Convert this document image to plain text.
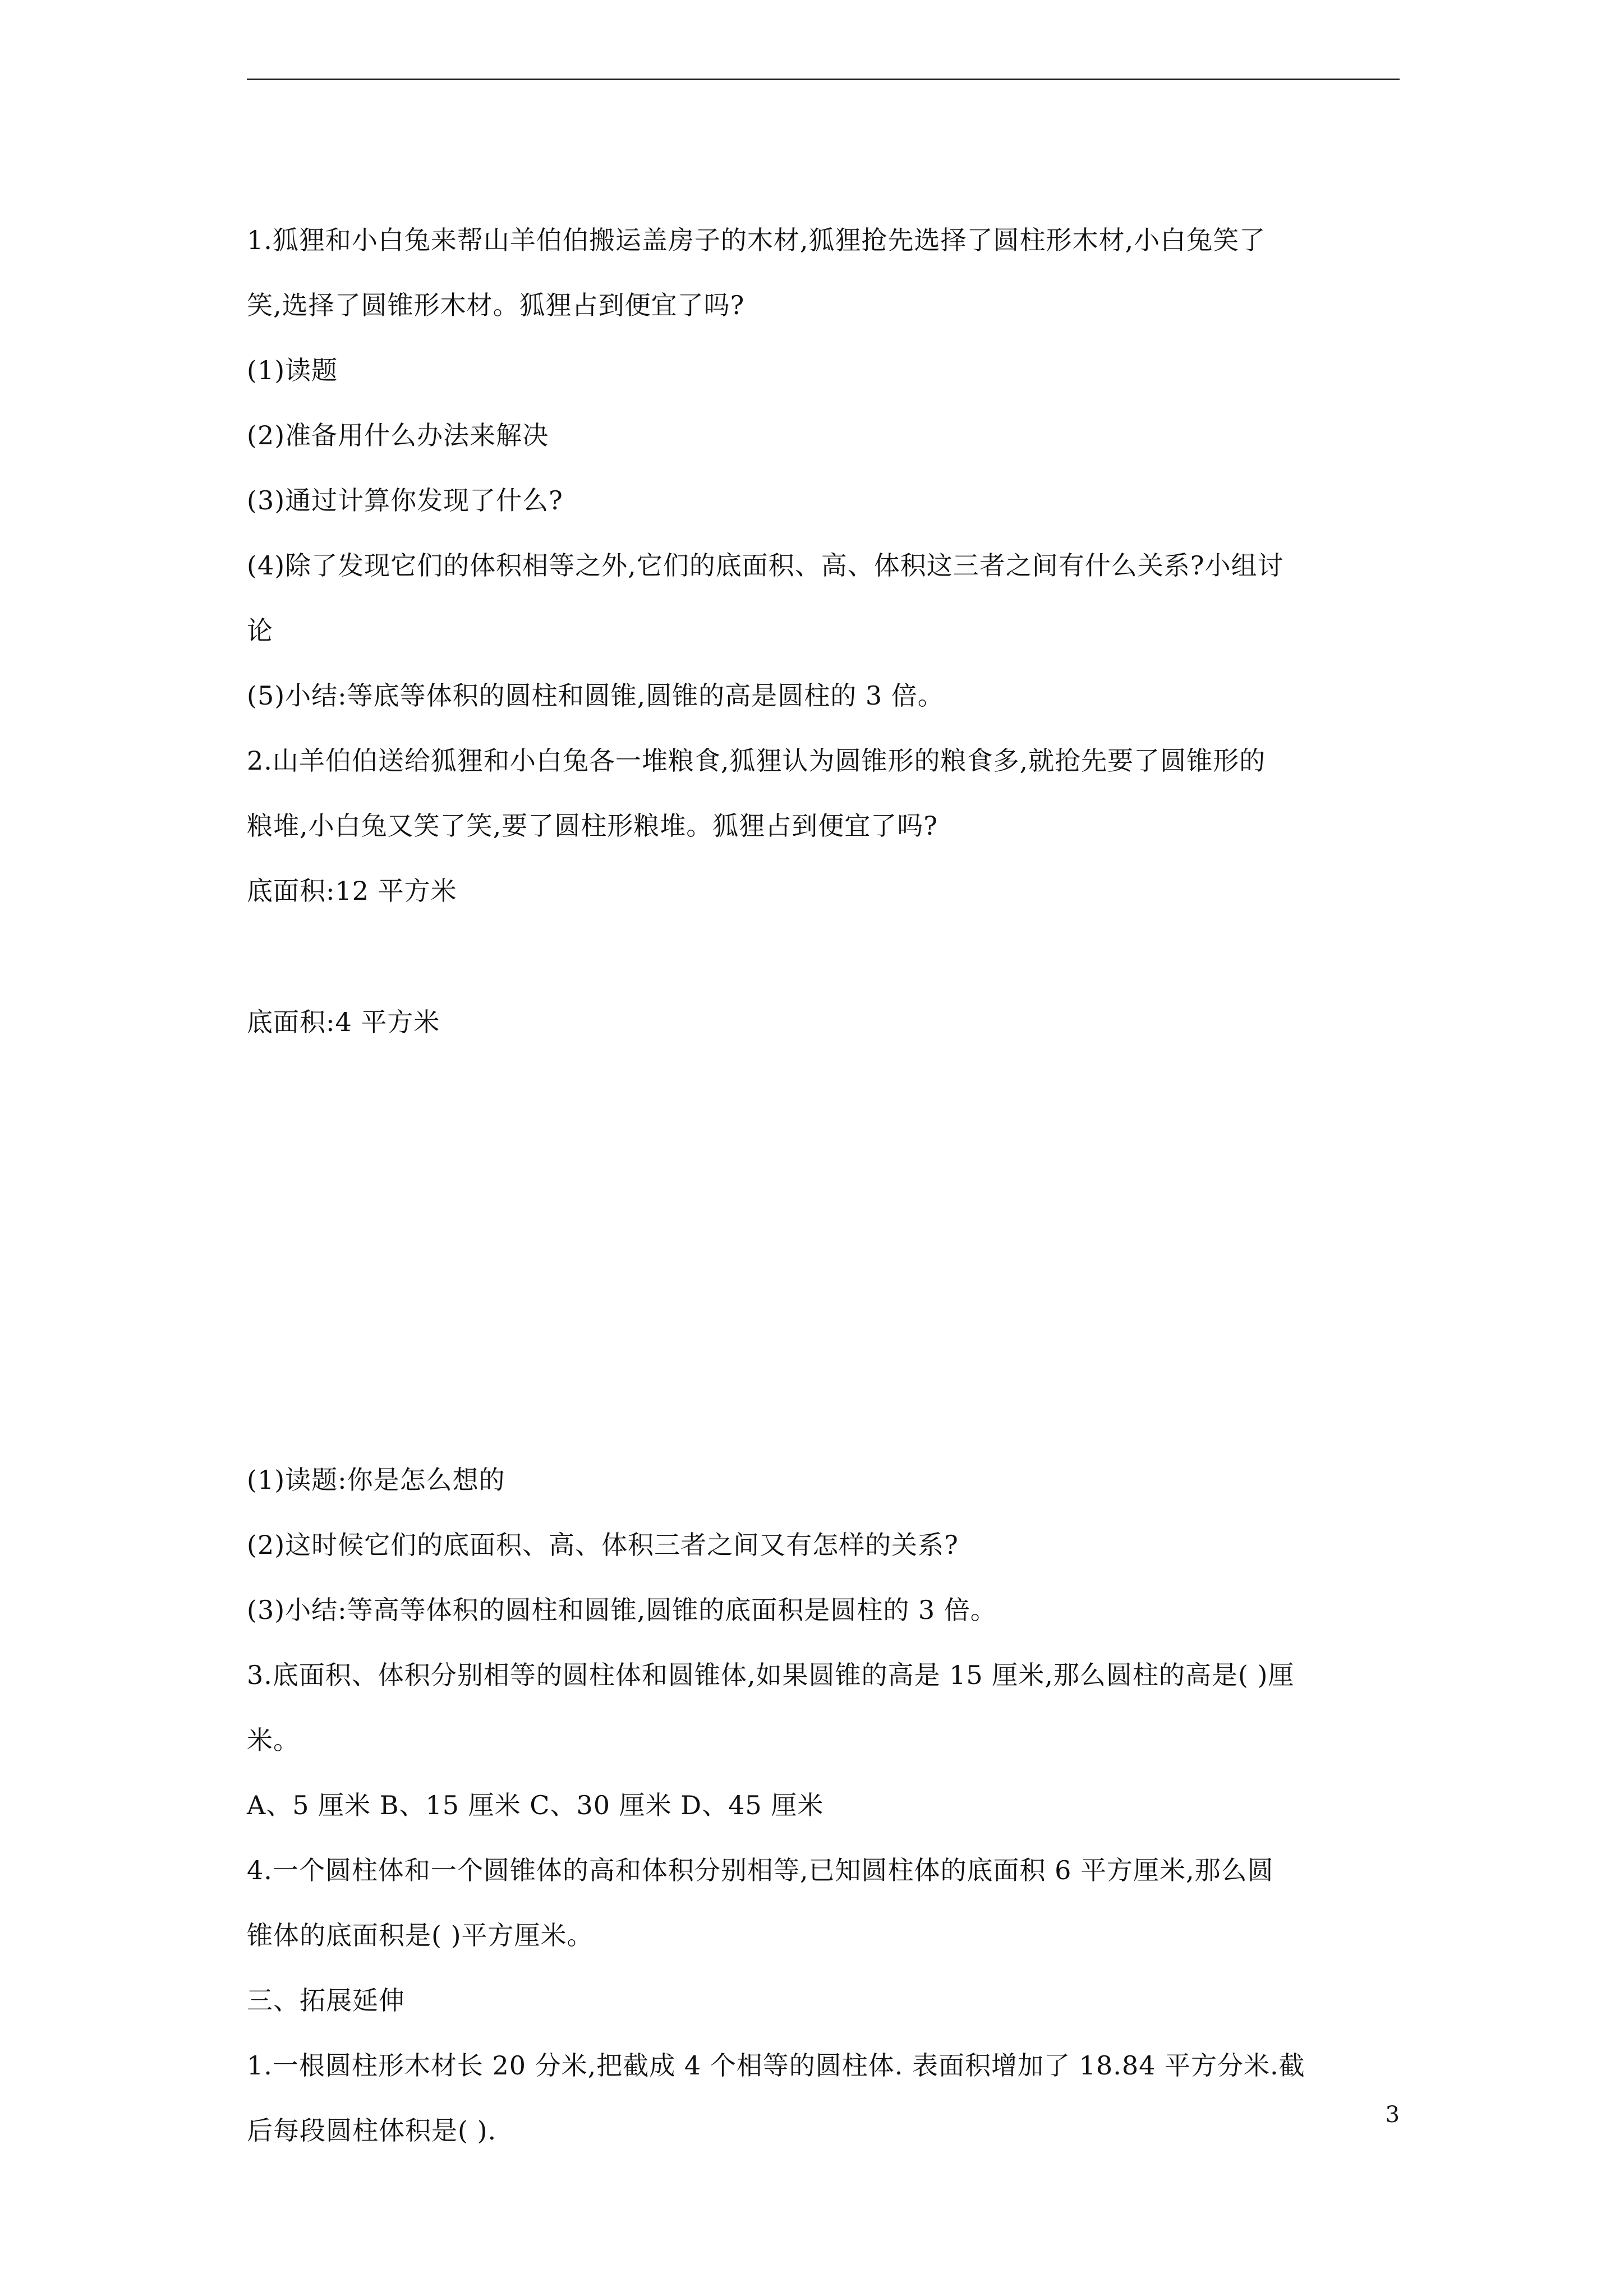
1.狐狸和小白兔来帮山羊伯伯搬运盖房子的木材,狐狸抢先选择了圆柱形木材,小白兔笑了
笑,选择了圆锥形木材。狐狸占到便宜了吗?
(1)读题
(2)准备用什么办法来解决
(3)通过计算你发现了什么?
(4)除了发现它们的体积相等之外,它们的底面积、高、体积这三者之间有什么关系?小组讨
论
(5)小结:等底等体积的圆柱和圆锥,圆锥的高是圆柱的 3 倍。
2.山羊伯伯送给狐狸和小白兔各一堆粮食,狐狸认为圆锥形的粮食多,就抢先要了圆锥形的
粮堆,小白兔又笑了笑,要了圆柱形粮堆。狐狸占到便宜了吗?
底面积:12 平方米
底面积:4 平方米
(1)读题:你是怎么想的
(2)这时候它们的底面积、高、体积三者之间又有怎样的关系?
(3)小结:等高等体积的圆柱和圆锥,圆锥的底面积是圆柱的 3 倍。
3.底面积、体积分别相等的圆柱体和圆锥体,如果圆锥的高是 15 厘米,那么圆柱的高是( )厘
米。
A、5 厘米 B、15 厘米 C、30 厘米 D、45 厘米
4.一个圆柱体和一个圆锥体的高和体积分别相等,已知圆柱体的底面积 6 平方厘米,那么圆
锥体的底面积是( )平方厘米。
三、拓展延伸
1.一根圆柱形木材长 20 分米,把截成 4 个相等的圆柱体. 表面积增加了 18.84 平方分米.截
后每段圆柱体积是( ).
3
